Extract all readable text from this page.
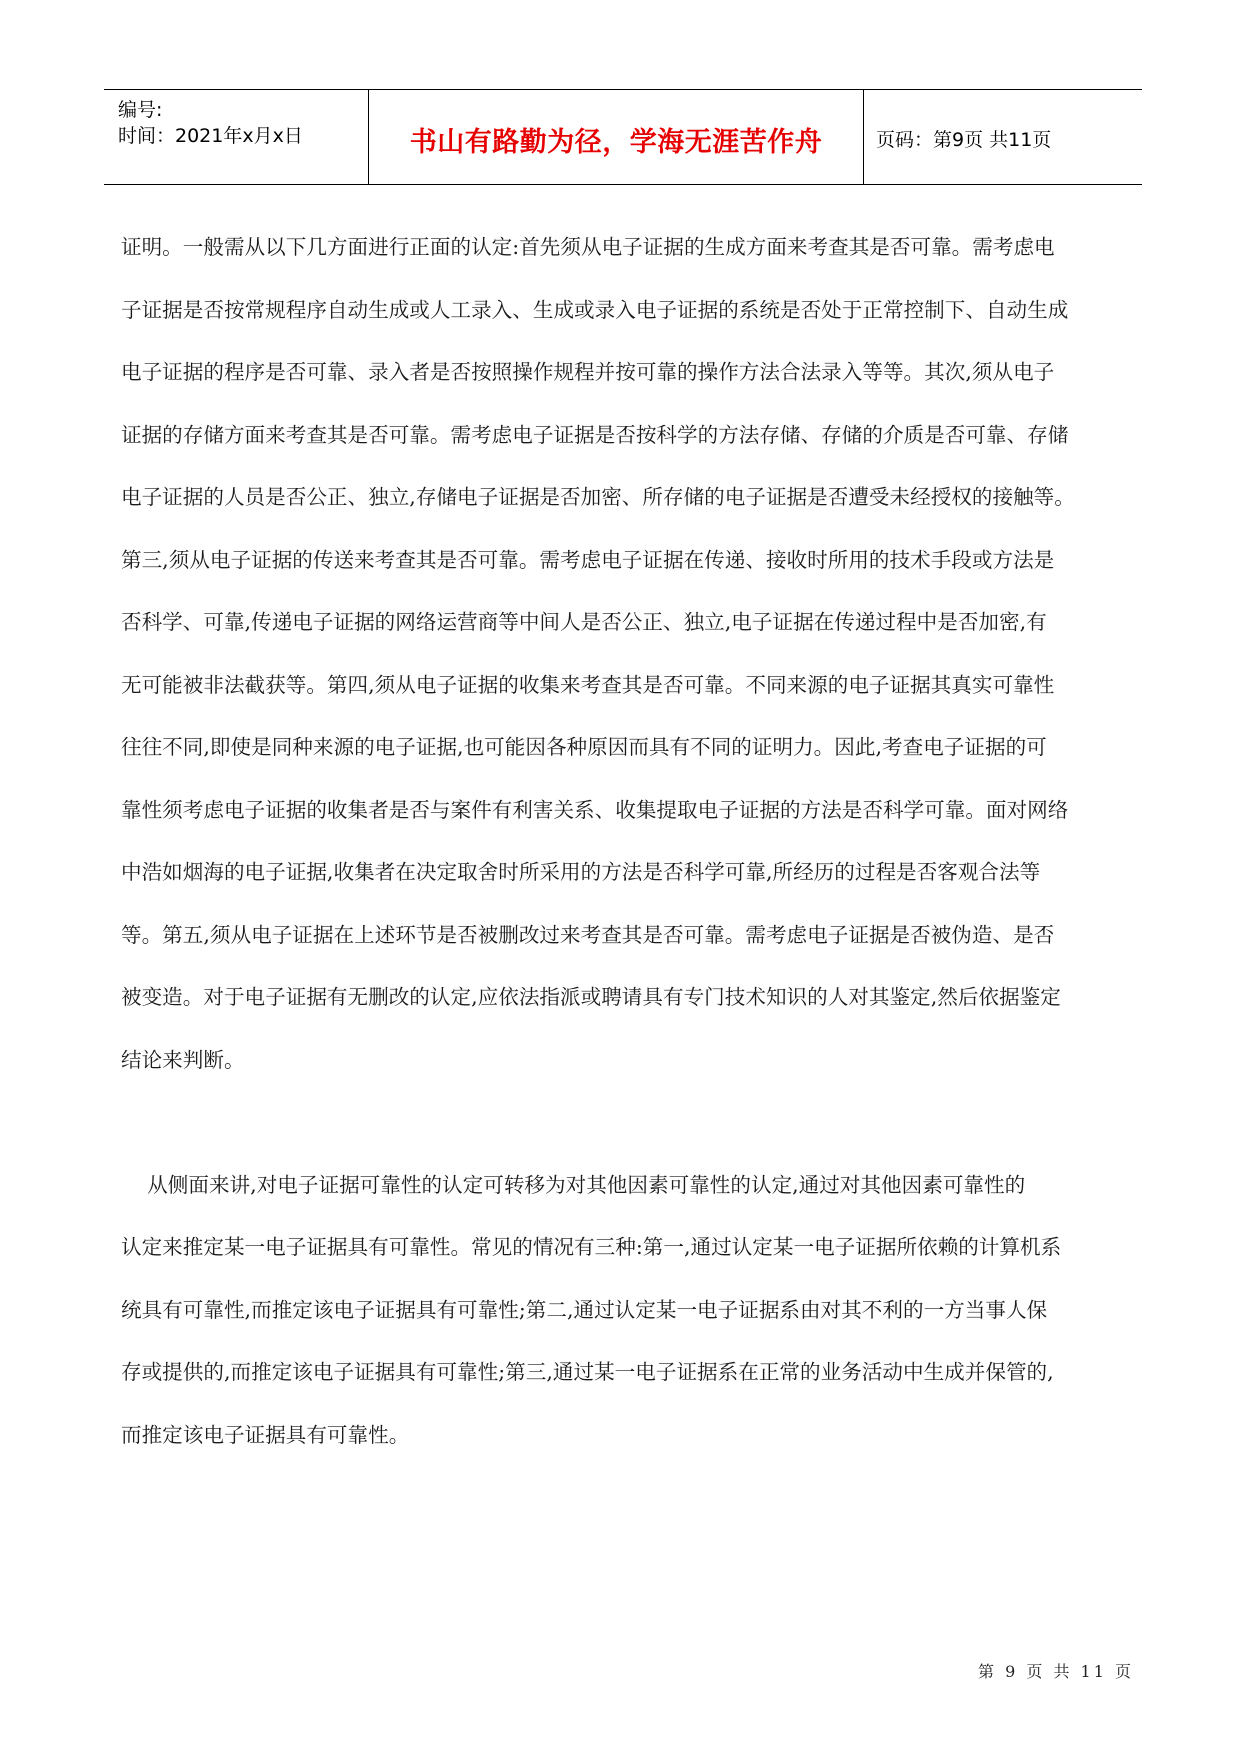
编号:
时间：2021年x月x日	书山有路勤为径，学海无涯苦作舟	页码：第9页 共11页
证明。一般需从以下几方面进行正面的认定:首先须从电子证据的生成方面来考查其是否可靠。需考虑电
子证据是否按常规程序自动生成或人工录入、生成或录入电子证据的系统是否处于正常控制下、自动生成
电子证据的程序是否可靠、录入者是否按照操作规程并按可靠的操作方法合法录入等等。其次,须从电子
证据的存储方面来考查其是否可靠。需考虑电子证据是否按科学的方法存储、存储的介质是否可靠、存储
电子证据的人员是否公正、独立,存储电子证据是否加密、所存储的电子证据是否遭受未经授权的接触等。
第三,须从电子证据的传送来考查其是否可靠。需考虑电子证据在传递、接收时所用的技术手段或方法是
否科学、可靠,传递电子证据的网络运营商等中间人是否公正、独立,电子证据在传递过程中是否加密,有
无可能被非法截获等。第四,须从电子证据的收集来考查其是否可靠。不同来源的电子证据其真实可靠性
往往不同,即使是同种来源的电子证据,也可能因各种原因而具有不同的证明力。因此,考查电子证据的可
靠性须考虑电子证据的收集者是否与案件有利害关系、收集提取电子证据的方法是否科学可靠。面对网络
中浩如烟海的电子证据,收集者在决定取舍时所采用的方法是否科学可靠,所经历的过程是否客观合法等
等。第五,须从电子证据在上述环节是否被删改过来考查其是否可靠。需考虑电子证据是否被伪造、是否
被变造。对于电子证据有无删改的认定,应依法指派或聘请具有专门技术知识的人对其鉴定,然后依据鉴定
结论来判断。
从侧面来讲,对电子证据可靠性的认定可转移为对其他因素可靠性的认定,通过对其他因素可靠性的
认定来推定某一电子证据具有可靠性。常见的情况有三种:第一,通过认定某一电子证据所依赖的计算机系
统具有可靠性,而推定该电子证据具有可靠性;第二,通过认定某一电子证据系由对其不利的一方当事人保
存或提供的,而推定该电子证据具有可靠性;第三,通过某一电子证据系在正常的业务活动中生成并保管的,
而推定该电子证据具有可靠性。
第 9 页 共 11 页
